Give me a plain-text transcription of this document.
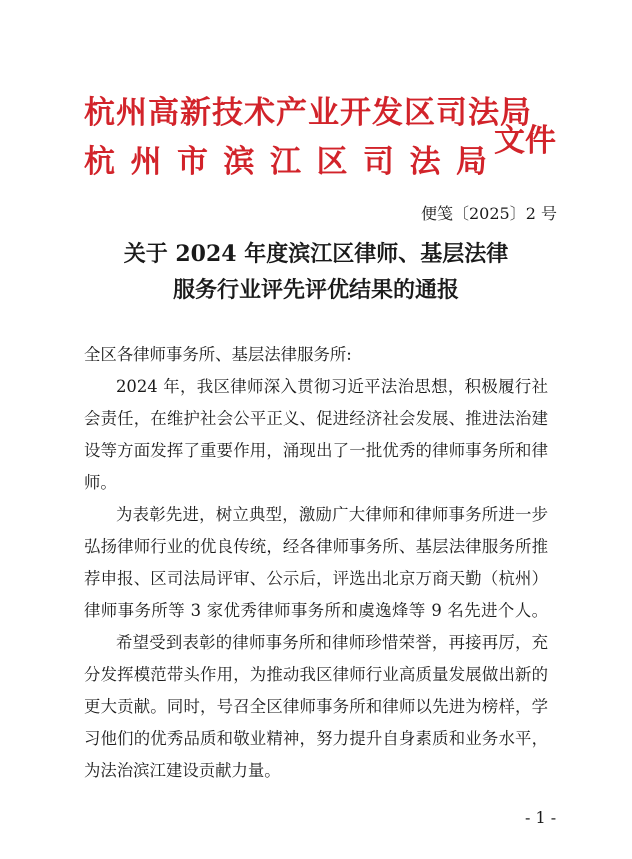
杭州高新技术产业开发区司法局
杭州市滨江区司法局
文件
便笺〔2025〕2 号
关于 2024 年度滨江区律师、基层法律
服务行业评先评优结果的通报
全区各律师事务所、基层法律服务所:
2024 年，我区律师深入贯彻习近平法治思想，积极履行社
会责任，在维护社会公平正义、促进经济社会发展、推进法治建
设等方面发挥了重要作用，涌现出了一批优秀的律师事务所和律
师。
为表彰先进，树立典型，激励广大律师和律师事务所进一步
弘扬律师行业的优良传统，经各律师事务所、基层法律服务所推
荐申报、区司法局评审、公示后，评选出北京万商天勤（杭州）
律师事务所等 3 家优秀律师事务所和虞逸烽等 9 名先进个人。
希望受到表彰的律师事务所和律师珍惜荣誉，再接再厉，充
分发挥模范带头作用，为推动我区律师行业高质量发展做出新的
更大贡献。同时，号召全区律师事务所和律师以先进为榜样，学
习他们的优秀品质和敬业精神，努力提升自身素质和业务水平，
为法治滨江建设贡献力量。
- 1 -
